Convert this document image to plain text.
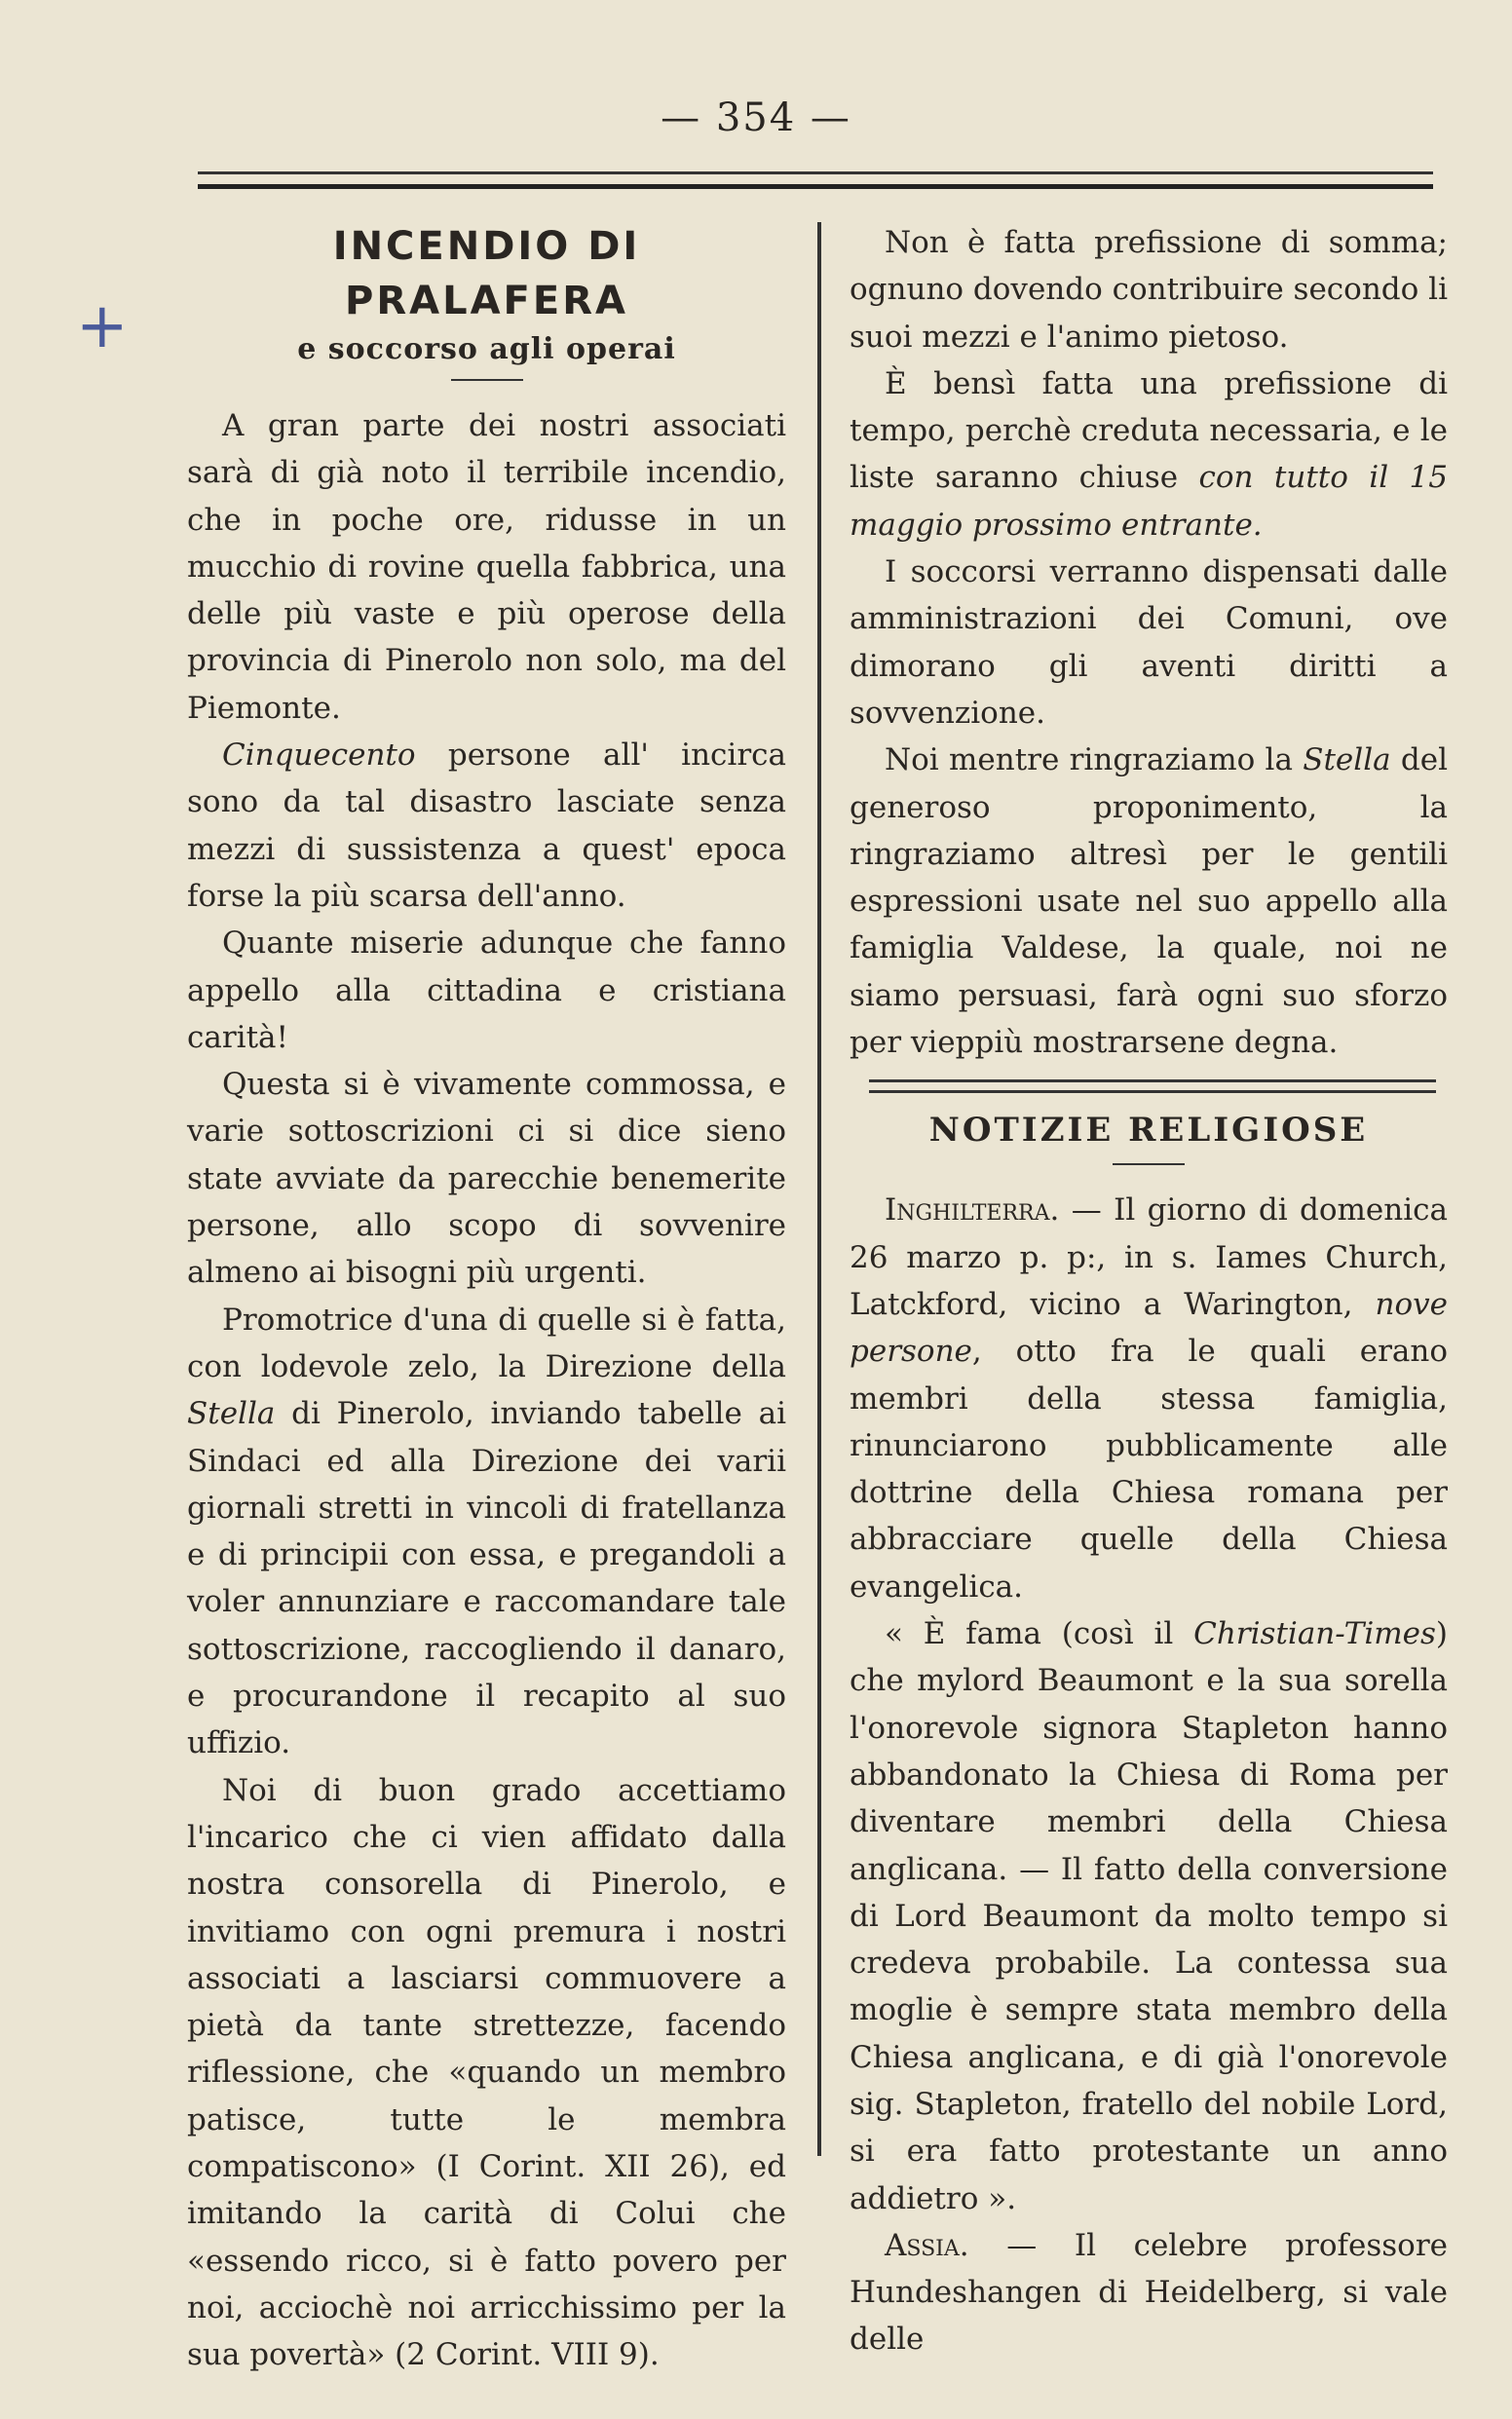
— 354 —
+
INCENDIO DI PRALAFERA
e soccorso agli operai

A gran parte dei nostri associati sarà di già noto il terribile incendio, che in poche ore, ridusse in un mucchio di rovine quella fabbrica, una delle più vaste e più operose della provincia di Pinerolo non solo, ma del Piemonte.

Cinquecento persone all' incirca sono da tal disastro lasciate senza mezzi di sussistenza a quest' epoca forse la più scarsa dell'anno.

Quante miserie adunque che fanno appello alla cittadina e cristiana carità!

Questa si è vivamente commossa, e varie sottoscrizioni ci si dice sieno state avviate da parecchie benemerite persone, allo scopo di sovvenire almeno ai bisogni più urgenti.

Promotrice d'una di quelle si è fatta, con lodevole zelo, la Direzione della Stella di Pinerolo, inviando tabelle ai Sindaci ed alla Direzione dei varii giornali stretti in vincoli di fratellanza e di principii con essa, e pregandoli a voler annunziare e raccomandare tale sottoscrizione, raccogliendo il danaro, e procurandone il recapito al suo uffizio.

Noi di buon grado accettiamo l'incarico che ci vien affidato dalla nostra consorella di Pinerolo, e invitiamo con ogni premura i nostri associati a lasciarsi commuovere a pietà da tante strettezze, facendo riflessione, che «quando un membro patisce, tutte le membra compatiscono» (I Corint. XII 26), ed imitando la carità di Colui che «essendo ricco, si è fatto povero per noi, acciochè noi arricchissimo per la sua povertà» (2 Corint. VIII 9).

Non è fatta prefissione di somma; ognuno dovendo contribuire secondo li suoi mezzi e l'animo pietoso.

È bensì fatta una prefissione di tempo, perchè creduta necessaria, e le liste saranno chiuse con tutto il 15 maggio prossimo entrante.

I soccorsi verranno dispensati dalle amministrazioni dei Comuni, ove dimorano gli aventi diritti a sovvenzione.

Noi mentre ringraziamo la Stella del generoso proponimento, la ringraziamo altresì per le gentili espressioni usate nel suo appello alla famiglia Valdese, la quale, noi ne siamo persuasi, farà ogni suo sforzo per vieppiù mostrarsene degna.

NOTIZIE RELIGIOSE

Inghilterra. — Il giorno di domenica 26 marzo p. p:, in s. Iames Church, Latckford, vicino a Warington, nove persone, otto fra le quali erano membri della stessa famiglia, rinunciarono pubblicamente alle dottrine della Chiesa romana per abbracciare quelle della Chiesa evangelica.

« È fama (così il Christian-Times) che mylord Beaumont e la sua sorella l'onorevole signora Stapleton hanno abbandonato la Chiesa di Roma per diventare membri della Chiesa anglicana. — Il fatto della conversione di Lord Beaumont da molto tempo si credeva probabile. La contessa sua moglie è sempre stata membro della Chiesa anglicana, e di già l'onorevole sig. Stapleton, fratello del nobile Lord, si era fatto protestante un anno addietro ».

Assia. — Il celebre professore Hundeshangen di Heidelberg, si vale delle
